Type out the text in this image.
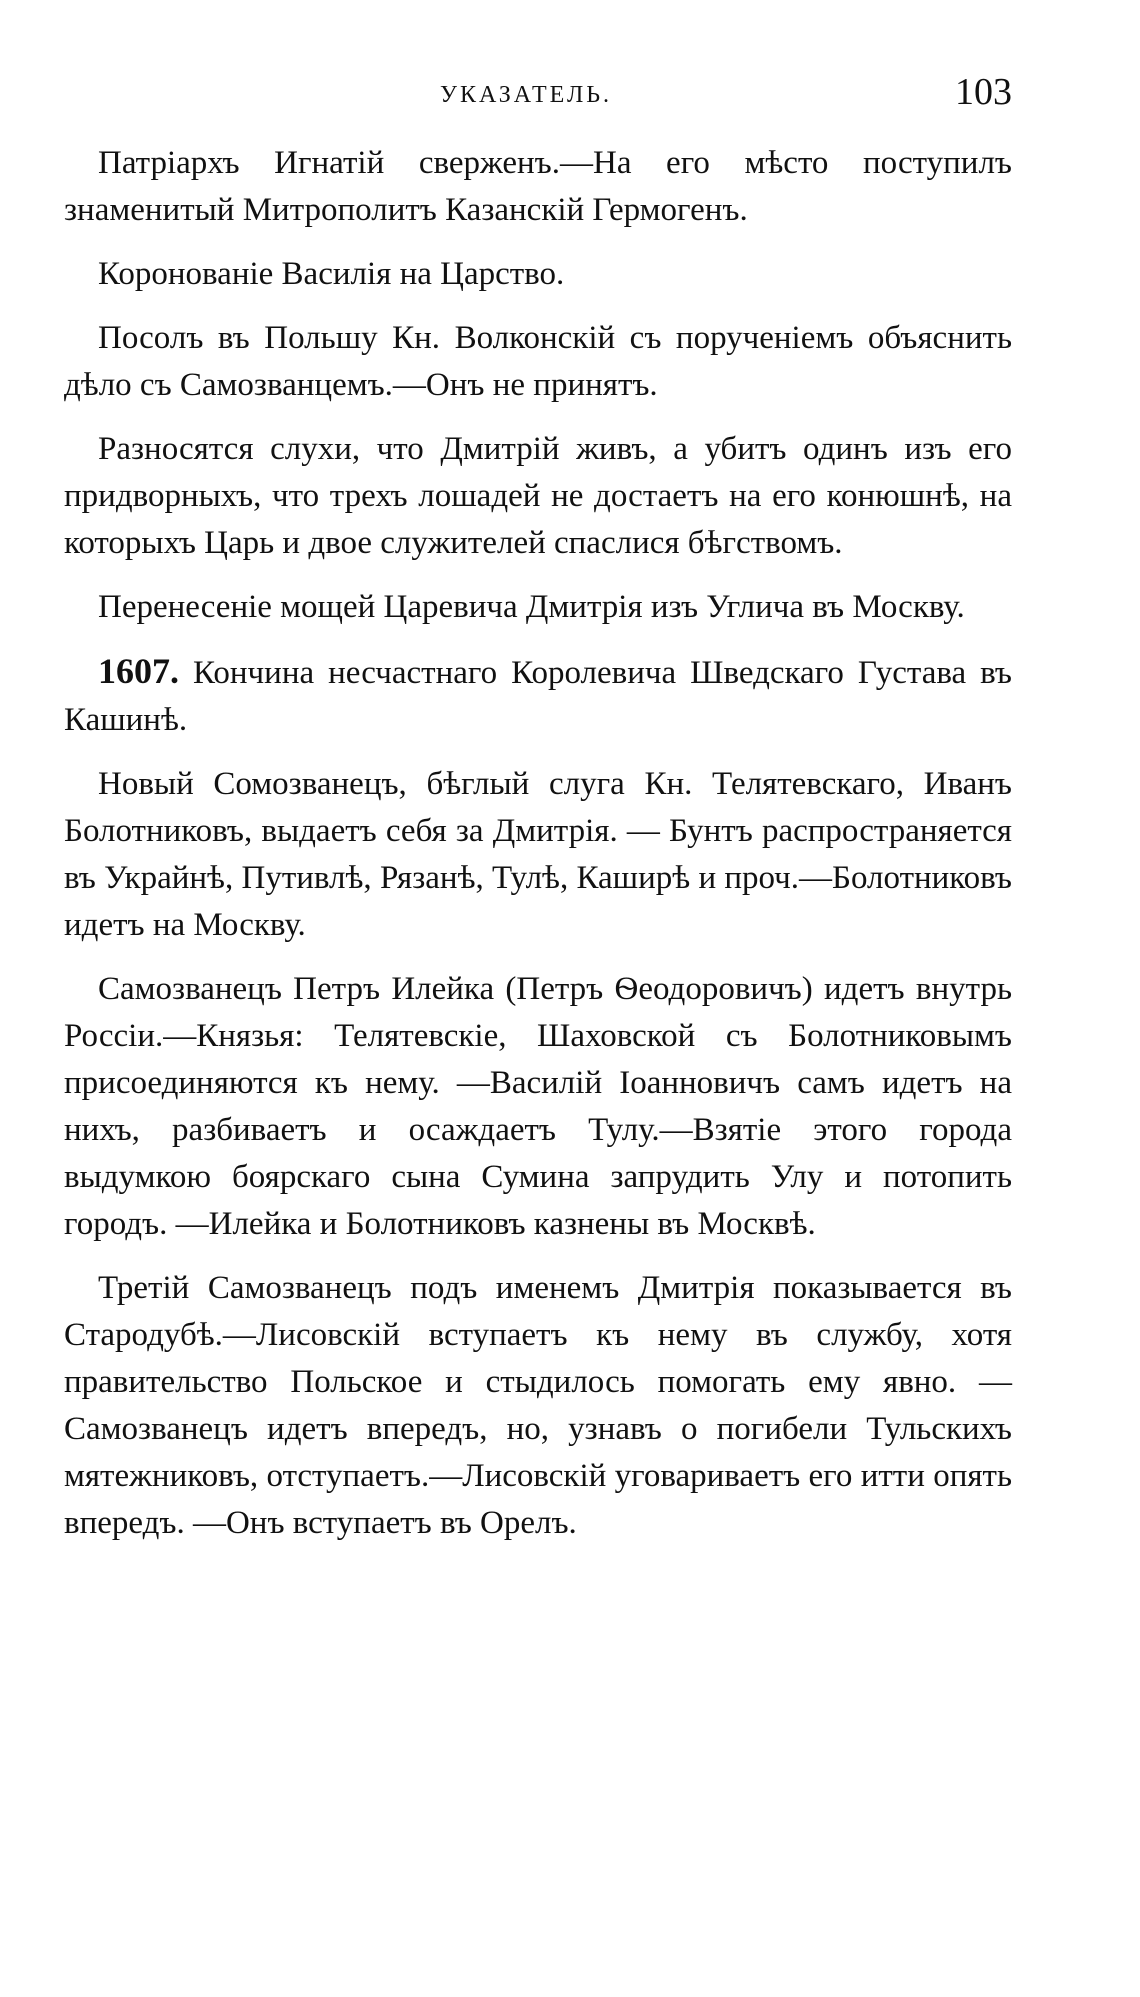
УКАЗАТЕЛЬ.	103

Патріархъ Игнатій сверженъ.—На его мѣсто поступилъ знаменитый Митрополитъ Казанскій Гермогенъ.

Коронованіе Василія на Царство.

Посолъ въ Польшу Кн. Волконскій съ порученіемъ объяснить дѣло съ Самозванцемъ.—Онъ не принятъ.

Разносятся слухи, что Дмитрій живъ, а убитъ одинъ изъ его придворныхъ, что трехъ лошадей не достаетъ на его конюшнѣ, на которыхъ Царь и двое служителей спаслися бѣгствомъ.

Перенесеніе мощей Царевича Дмитрія изъ Углича въ Москву.

1607. Кончина несчастнаго Королевича Шведскаго Густава въ Кашинѣ.

Новый Сомозванецъ, бѣглый слуга Кн. Телятевскаго, Иванъ Болотниковъ, выдаетъ себя за Дмитрія. — Бунтъ распространяется въ Украйнѣ, Путивлѣ, Рязанѣ, Тулѣ, Каширѣ и проч.—Болотниковъ идетъ на Москву.

Самозванецъ Петръ Илейка (Петръ Ѳеодоровичъ) идетъ внутрь Россіи.—Князья: Телятевскіе, Шаховской съ Болотниковымъ присоединяются къ нему. —Василій Іоанновичъ самъ идетъ на нихъ, разбиваетъ и осаждаетъ Тулу.—Взятіе этого города выдумкою боярскаго сына Сумина запрудить Улу и потопить городъ. —Илейка и Болотниковъ казнены въ Москвѣ.

Третій Самозванецъ подъ именемъ Дмитрія показывается въ Стародубѣ.—Лисовскій вступаетъ къ нему въ службу, хотя правительство Польское и стыдилось помогать ему явно. — Самозванецъ идетъ впередъ, но, узнавъ о погибели Тульскихъ мятежниковъ, отступаетъ.—Лисовскій уговариваетъ его итти опять впередъ. —Онъ вступаетъ въ Орелъ.
